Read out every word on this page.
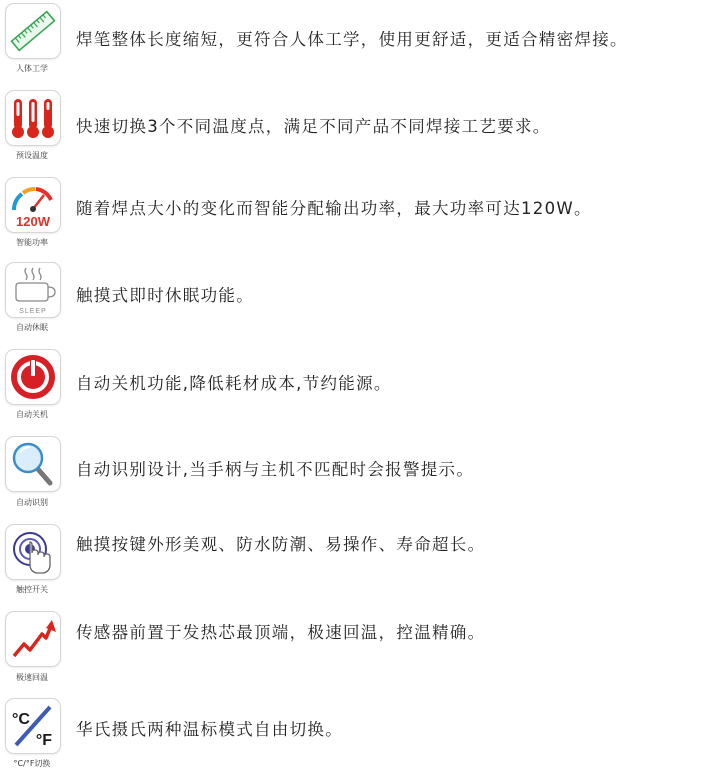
人体工学
焊笔整体长度缩短，更符合人体工学，使用更舒适，更适合精密焊接。
预设温度
快速切换3个不同温度点，满足不同产品不同焊接工艺要求。
120W
智能功率
随着焊点大小的变化而智能分配输出功率，最大功率可达120W。
SLEEP
自动休眠
触摸式即时休眠功能。
自动关机
自动关机功能,降低耗材成本,节约能源。
自动识别
自动识别设计,当手柄与主机不匹配时会报警提示。
触控开关
触摸按键外形美观、防水防潮、易操作、寿命超长。
极速回温
传感器前置于发热芯最顶端，极速回温，控温精确。
°C
°F
°C/°F切换
华氏摄氏两种温标模式自由切换。
